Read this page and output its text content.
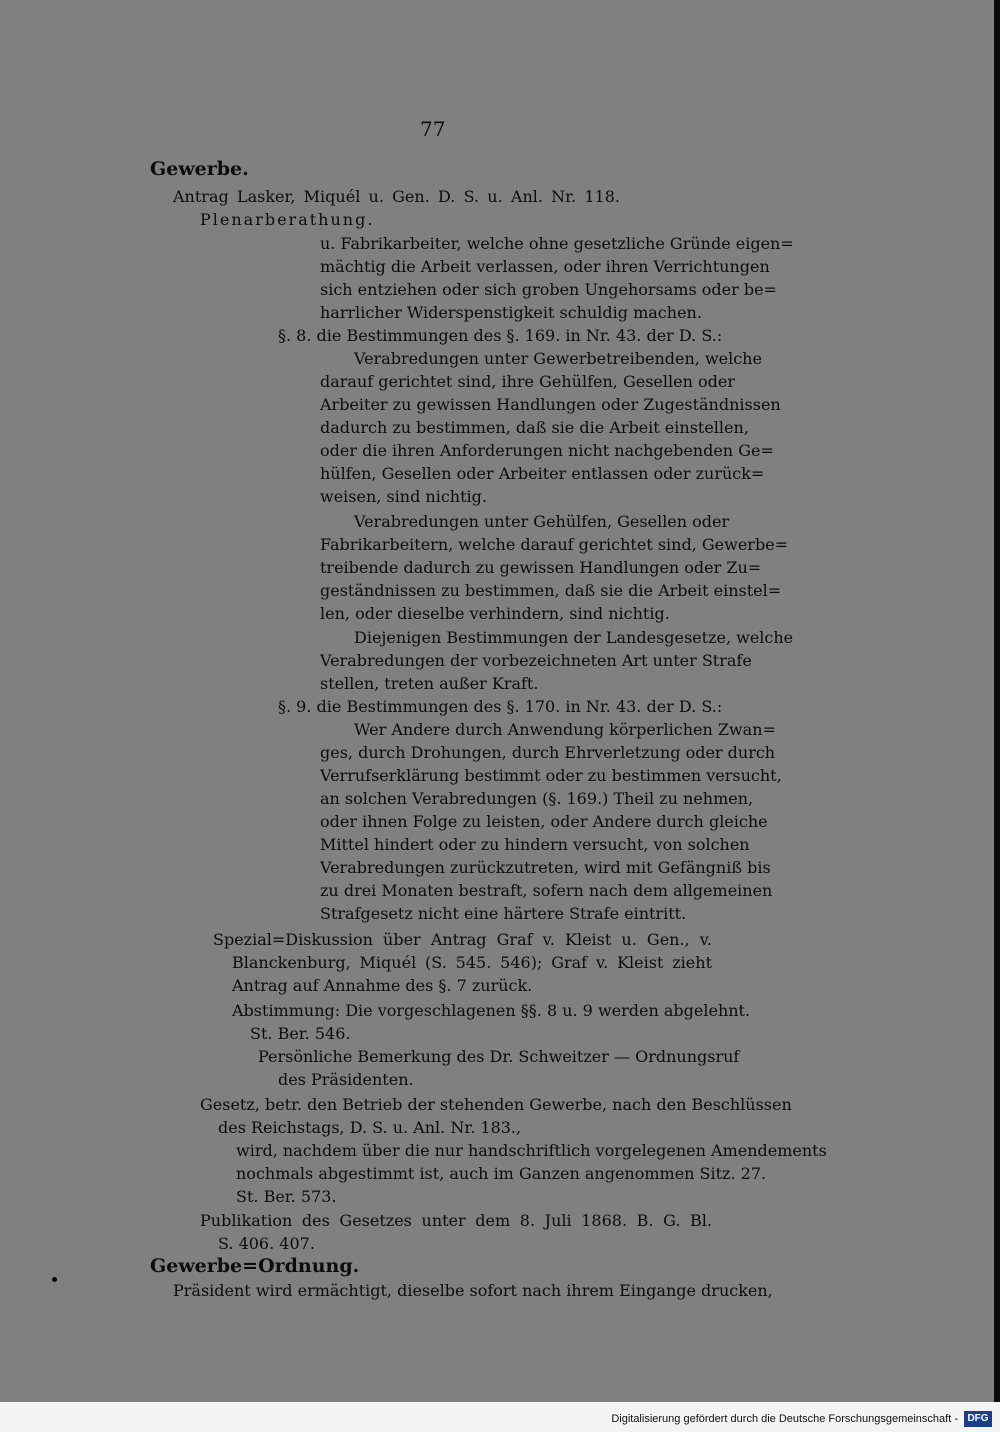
77
Gewerbe.
Antrag Lasker, Miquél u. Gen. D. S. u. Anl. Nr. 118.
Plenarberathung.
u. Fabrikarbeiter, welche ohne gesetzliche Gründe eigen=
mächtig die Arbeit verlassen, oder ihren Verrichtungen
sich entziehen oder sich groben Ungehorsams oder be=
harrlicher Widerspenstigkeit schuldig machen.
§. 8. die Bestimmungen des §. 169. in Nr. 43. der D. S.:
Verabredungen unter Gewerbetreibenden, welche
darauf gerichtet sind, ihre Gehülfen, Gesellen oder
Arbeiter zu gewissen Handlungen oder Zugeständnissen
dadurch zu bestimmen, daß sie die Arbeit einstellen,
oder die ihren Anforderungen nicht nachgebenden Ge=
hülfen, Gesellen oder Arbeiter entlassen oder zurück=
weisen, sind nichtig.
Verabredungen unter Gehülfen, Gesellen oder
Fabrikarbeitern, welche darauf gerichtet sind, Gewerbe=
treibende dadurch zu gewissen Handlungen oder Zu=
geständnissen zu bestimmen, daß sie die Arbeit einstel=
len, oder dieselbe verhindern, sind nichtig.
Diejenigen Bestimmungen der Landesgesetze, welche
Verabredungen der vorbezeichneten Art unter Strafe
stellen, treten außer Kraft.
§. 9. die Bestimmungen des §. 170. in Nr. 43. der D. S.:
Wer Andere durch Anwendung körperlichen Zwan=
ges, durch Drohungen, durch Ehrverletzung oder durch
Verrufserklärung bestimmt oder zu bestimmen versucht,
an solchen Verabredungen (§. 169.) Theil zu nehmen,
oder ihnen Folge zu leisten, oder Andere durch gleiche
Mittel hindert oder zu hindern versucht, von solchen
Verabredungen zurückzutreten, wird mit Gefängniß bis
zu drei Monaten bestraft, sofern nach dem allgemeinen
Strafgesetz nicht eine härtere Strafe eintritt.
Spezial=Diskussion über Antrag Graf v. Kleist u. Gen., v.
Blanckenburg, Miquél (S. 545. 546); Graf v. Kleist zieht
Antrag auf Annahme des §. 7 zurück.
Abstimmung: Die vorgeschlagenen §§. 8 u. 9 werden abgelehnt.
St. Ber. 546.
Persönliche Bemerkung des Dr. Schweitzer — Ordnungsruf
des Präsidenten.
Gesetz, betr. den Betrieb der stehenden Gewerbe, nach den Beschlüssen
des Reichstags, D. S. u. Anl. Nr. 183.,
wird, nachdem über die nur handschriftlich vorgelegenen Amendements
nochmals abgestimmt ist, auch im Ganzen angenommen Sitz. 27.
St. Ber. 573.
Publikation des Gesetzes unter dem 8. Juli 1868. B. G. Bl.
S. 406. 407.
Gewerbe=Ordnung.
Präsident wird ermächtigt, dieselbe sofort nach ihrem Eingange drucken,
Digitalisierung gefördert durch die Deutsche Forschungsgemeinschaft - DFG
